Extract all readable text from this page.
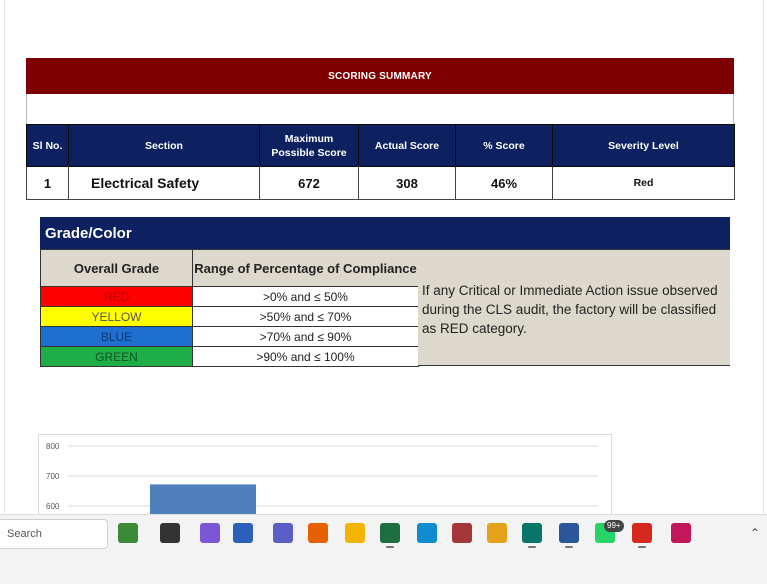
SCORING SUMMARY
Sl No.	Section	Maximum Possible Score	Actual Score	% Score	Severity Level
1	Electrical Safety	672	308	46%	Red
Grade/Color
Overall Grade	Range of Percentage of Compliance
RED	>0% and ≤ 50%
YELLOW	>50% and ≤ 70%
BLUE	>70% and ≤ 90%
GREEN	>90% and ≤ 100%
If any Critical or Immediate Action issue observed during the CLS audit, the factory will be classified as RED category.
800
700
600
Search
99+
⌃
